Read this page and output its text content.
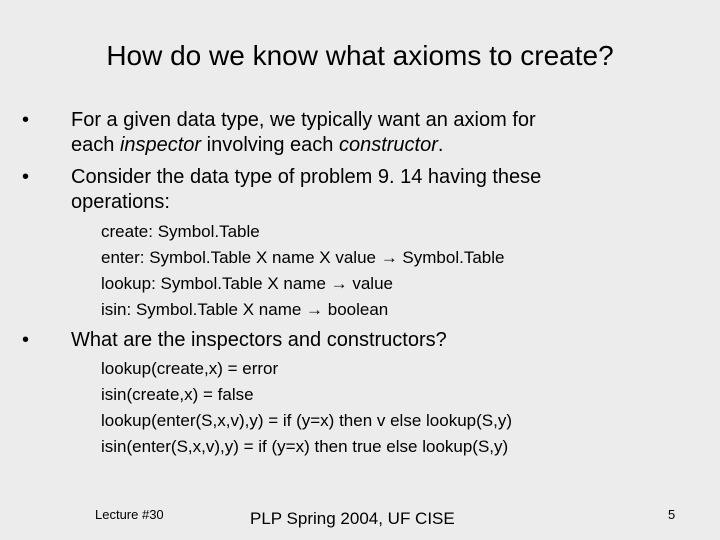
How do we know what axioms to create?
•	For a given data type, we typically want an axiom for
each inspector involving each constructor.
•	Consider the data type of problem 9. 14 having these
operations:
create: Symbol.Table
enter: Symbol.Table X name X value → Symbol.Table
lookup: Symbol.Table X name → value
isin: Symbol.Table X name → boolean
•	What are the inspectors and constructors?
lookup(create,x) = error
isin(create,x) = false
lookup(enter(S,x,v),y) = if (y=x) then v else lookup(S,y)
isin(enter(S,x,v),y) = if (y=x) then true else lookup(S,y)
Lecture #30	PLP Spring 2004, UF CISE	5
